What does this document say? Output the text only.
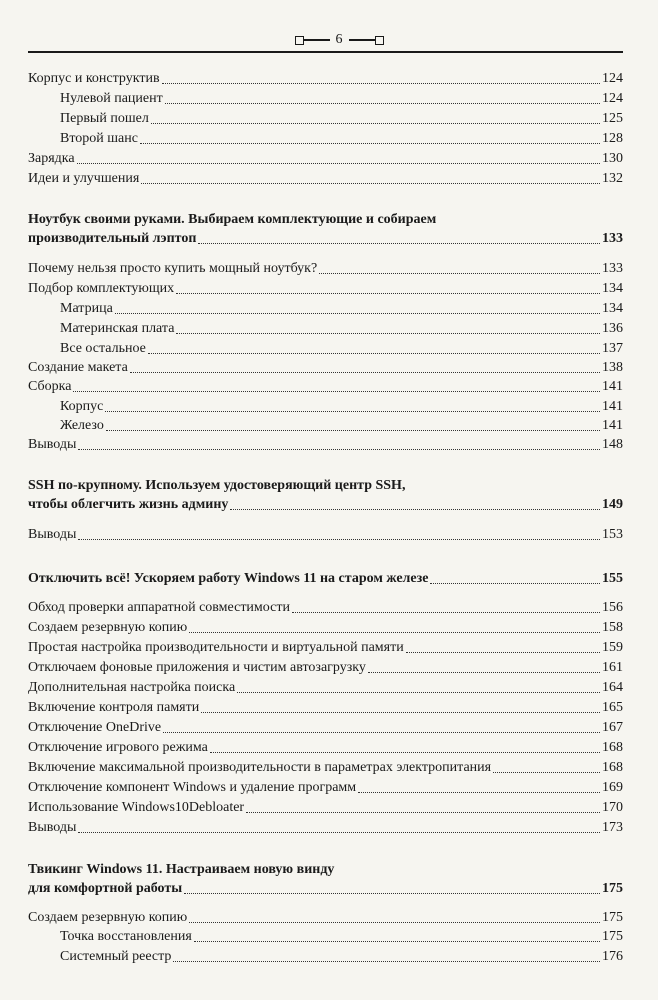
6
Корпус и конструктив	124
Нулевой пациент	124
Первый пошел	125
Второй шанс	128
Зарядка	130
Идеи и улучшения	132
Ноутбук своими руками. Выбираем комплектующие и собираем
производительный лэптоп	133
Почему нельзя просто купить мощный ноутбук?	133
Подбор комплектующих	134
Матрица	134
Материнская плата	136
Все остальное	137
Создание макета	138
Сборка	141
Корпус	141
Железо	141
Выводы	148
SSH по-крупному. Используем удостоверяющий центр SSH,
чтобы облегчить жизнь админу	149
Выводы	153
Отключить всё! Ускоряем работу Windows 11 на старом железе	155
Обход проверки аппаратной совместимости	156
Создаем резервную копию	158
Простая настройка производительности и виртуальной памяти	159
Отключаем фоновые приложения и чистим автозагрузку	161
Дополнительная настройка поиска	164
Включение контроля памяти	165
Отключение OneDrive	167
Отключение игрового режима	168
Включение максимальной производительности в параметрах электропитания	168
Отключение компонент Windows и удаление программ	169
Использование Windows10Debloater	170
Выводы	173
Твикинг Windows 11. Настраиваем новую винду
для комфортной работы	175
Создаем резервную копию	175
Точка восстановления	175
Системный реестр	176
